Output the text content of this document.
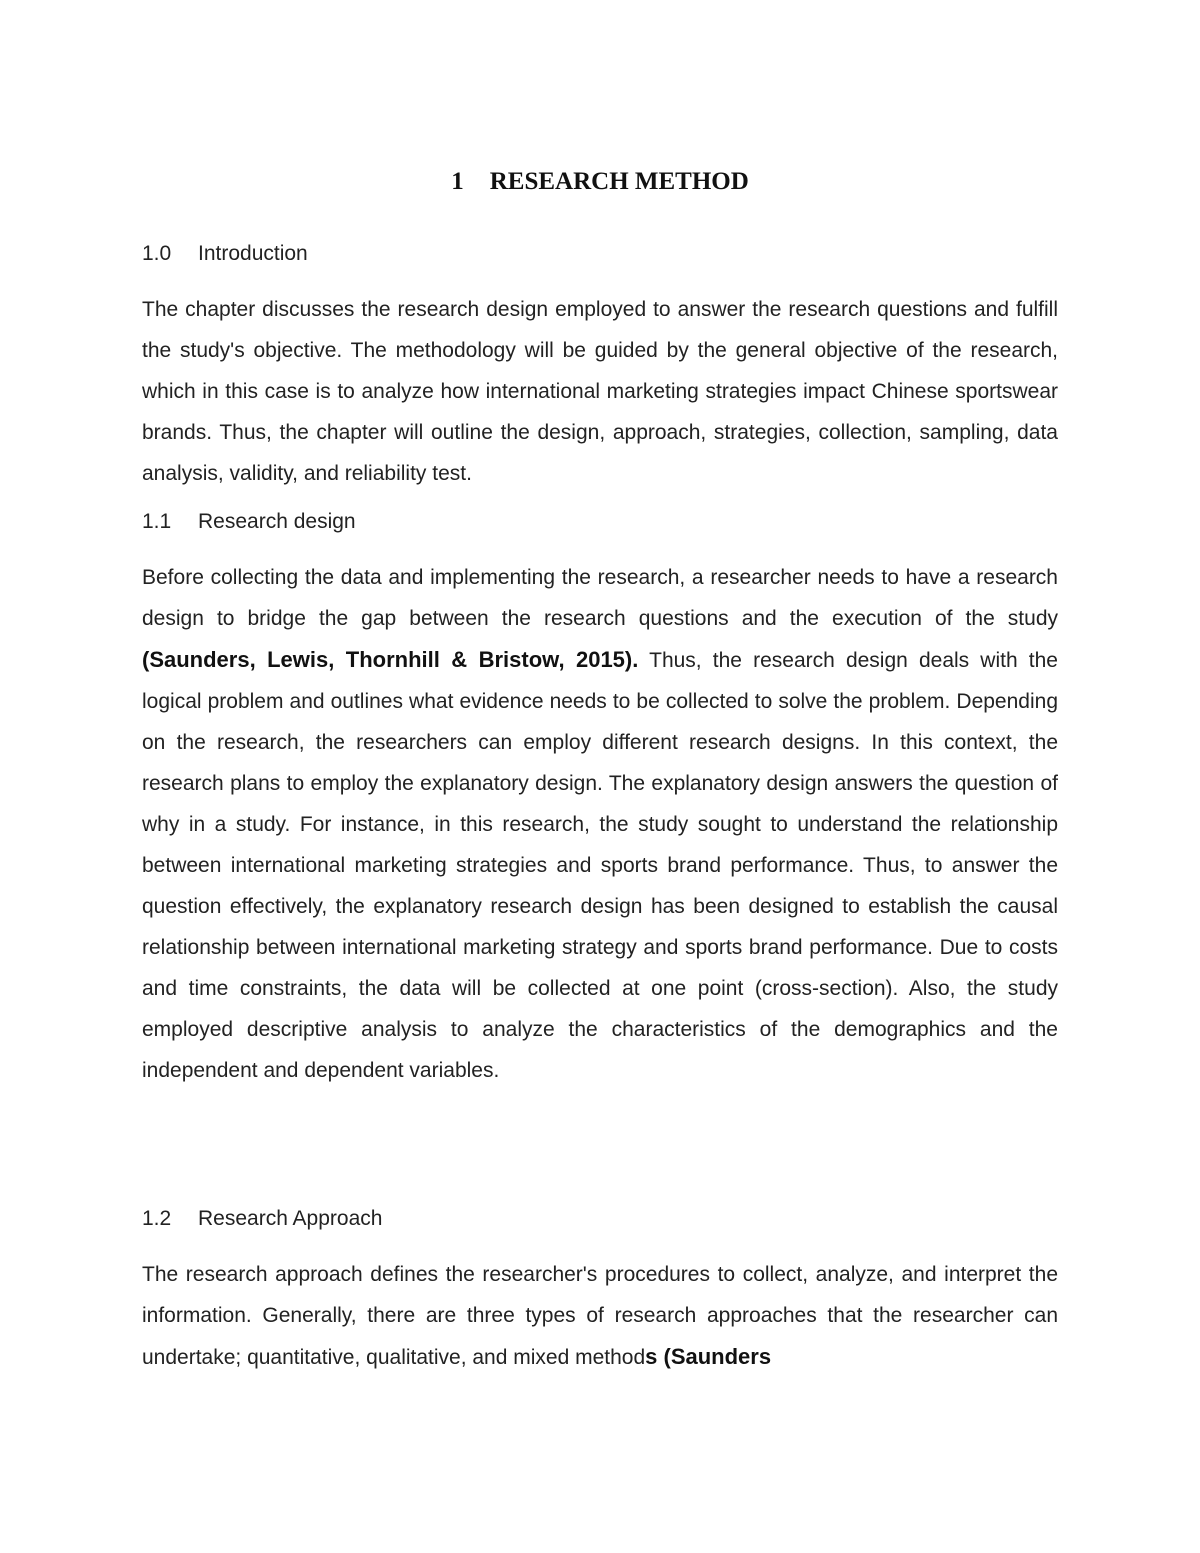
1 RESEARCH METHOD
1.0 Introduction

The chapter discusses the research design employed to answer the research questions and fulfill the study's objective. The methodology will be guided by the general objective of the research, which in this case is to analyze how international marketing strategies impact Chinese sportswear brands. Thus, the chapter will outline the design, approach, strategies, collection, sampling, data analysis, validity, and reliability test.

1.1 Research design

Before collecting the data and implementing the research, a researcher needs to have a research design to bridge the gap between the research questions and the execution of the study (Saunders, Lewis, Thornhill & Bristow, 2015). Thus, the research design deals with the logical problem and outlines what evidence needs to be collected to solve the problem. Depending on the research, the researchers can employ different research designs. In this context, the research plans to employ the explanatory design. The explanatory design answers the question of why in a study. For instance, in this research, the study sought to understand the relationship between international marketing strategies and sports brand performance. Thus, to answer the question effectively, the explanatory research design has been designed to establish the causal relationship between international marketing strategy and sports brand performance. Due to costs and time constraints, the data will be collected at one point (cross-section). Also, the study employed descriptive analysis to analyze the characteristics of the demographics and the independent and dependent variables.

1.2 Research Approach

The research approach defines the researcher's procedures to collect, analyze, and interpret the information. Generally, there are three types of research approaches that the researcher can undertake; quantitative, qualitative, and mixed methods (Saunders
